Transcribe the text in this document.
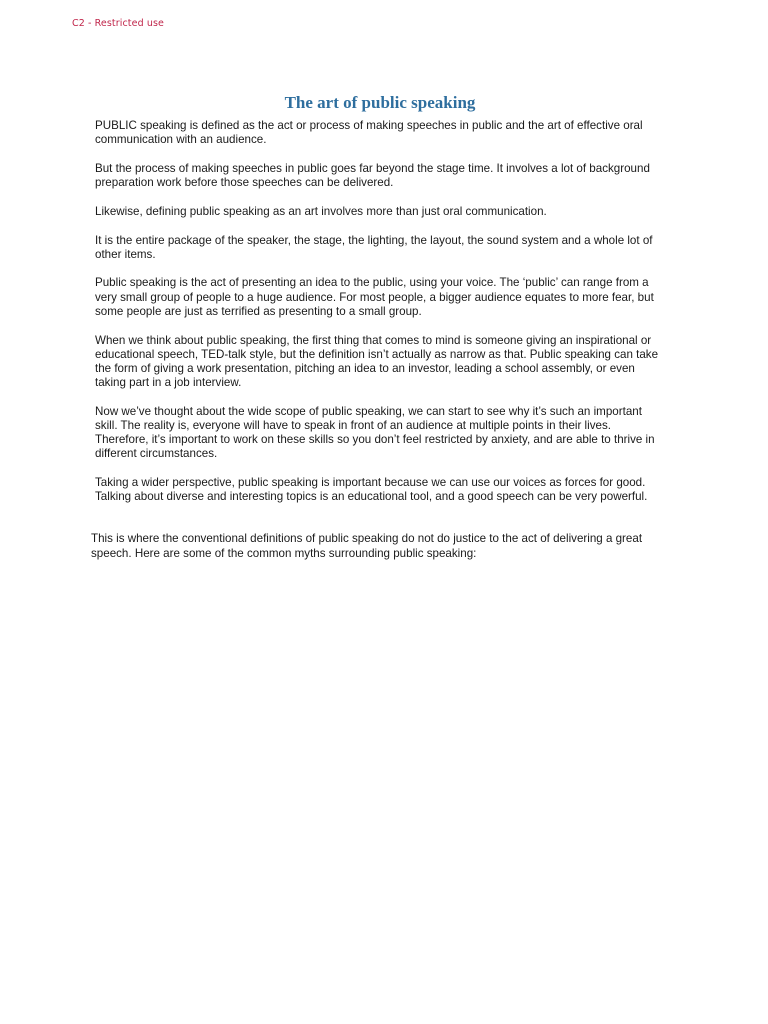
C2 - Restricted use
The art of public speaking

PUBLIC speaking is defined as the act or process of making speeches in public and the art of effective oral communication with an audience.

But the process of making speeches in public goes far beyond the stage time. It involves a lot of background preparation work before those speeches can be delivered.

Likewise, defining public speaking as an art involves more than just oral communication.

It is the entire package of the speaker, the stage, the lighting, the layout, the sound system and a whole lot of other items.

Public speaking is the act of presenting an idea to the public, using your voice. The ‘public’ can range from a very small group of people to a huge audience. For most people, a bigger audience equates to more fear, but some people are just as terrified as presenting to a small group.

When we think about public speaking, the first thing that comes to mind is someone giving an inspirational or educational speech, TED-talk style, but the definition isn’t actually as narrow as that. Public speaking can take the form of giving a work presentation, pitching an idea to an investor, leading a school assembly, or even taking part in a job interview.

Now we’ve thought about the wide scope of public speaking, we can start to see why it’s such an important skill. The reality is, everyone will have to speak in front of an audience at multiple points in their lives. Therefore, it’s important to work on these skills so you don’t feel restricted by anxiety, and are able to thrive in different circumstances.

Taking a wider perspective, public speaking is important because we can use our voices as forces for good. Talking about diverse and interesting topics is an educational tool, and a good speech can be very powerful.

This is where the conventional definitions of public speaking do not do justice to the act of delivering a great speech. Here are some of the common myths surrounding public speaking:
